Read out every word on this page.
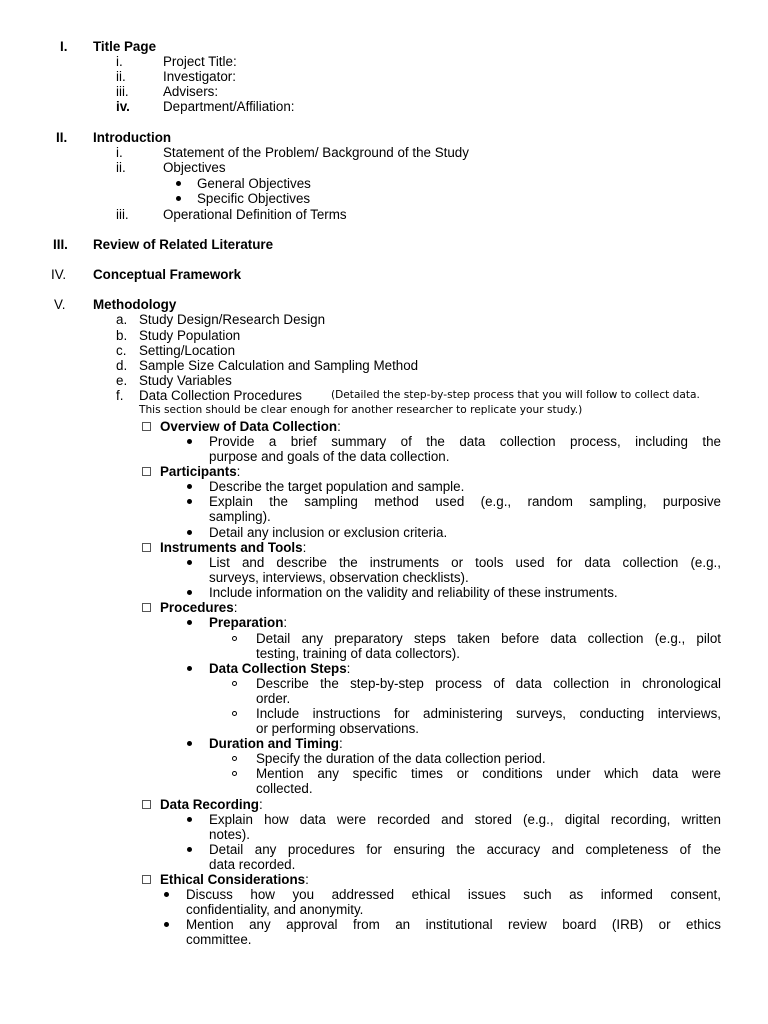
I. Title Page
i.	Project Title:
ii.	Investigator:
iii.	Advisers:
iv. Department/Affiliation:
II. Introduction
i.	Statement of the Problem/ Background of the Study
ii.	Objectives
General Objectives
Specific Objectives
iii.	Operational Definition of Terms
III. Review of Related Literature
IV. Conceptual Framework
V. Methodology
a. Study Design/Research Design
b. Study Population
c. Setting/Location
d. Sample Size Calculation and Sampling Method
e. Study Variables
f. Data Collection Procedures	(Detailed the step-by-step process that you will follow to collect data.
This section should be clear enough for another researcher to replicate your study.)
Overview of Data Collection:
Provide a brief summary of the data collection process, including the
purpose and goals of the data collection.
Participants:
Describe the target population and sample.
Explain the sampling method used (e.g., random sampling, purposive
sampling).
Detail any inclusion or exclusion criteria.
Instruments and Tools:
List and describe the instruments or tools used for data collection (e.g.,
surveys, interviews, observation checklists).
Include information on the validity and reliability of these instruments.
Procedures:
Preparation:
Detail any preparatory steps taken before data collection (e.g., pilot
testing, training of data collectors).
Data Collection Steps:
Describe the step-by-step process of data collection in chronological
order.
Include instructions for administering surveys, conducting interviews,
or performing observations.
Duration and Timing:
Specify the duration of the data collection period.
Mention any specific times or conditions under which data were
collected.
Data Recording:
Explain how data were recorded and stored (e.g., digital recording, written
notes).
Detail any procedures for ensuring the accuracy and completeness of the
data recorded.
Ethical Considerations:
Discuss how you addressed ethical issues such as informed consent,
confidentiality, and anonymity.
Mention any approval from an institutional review board (IRB) or ethics
committee.
